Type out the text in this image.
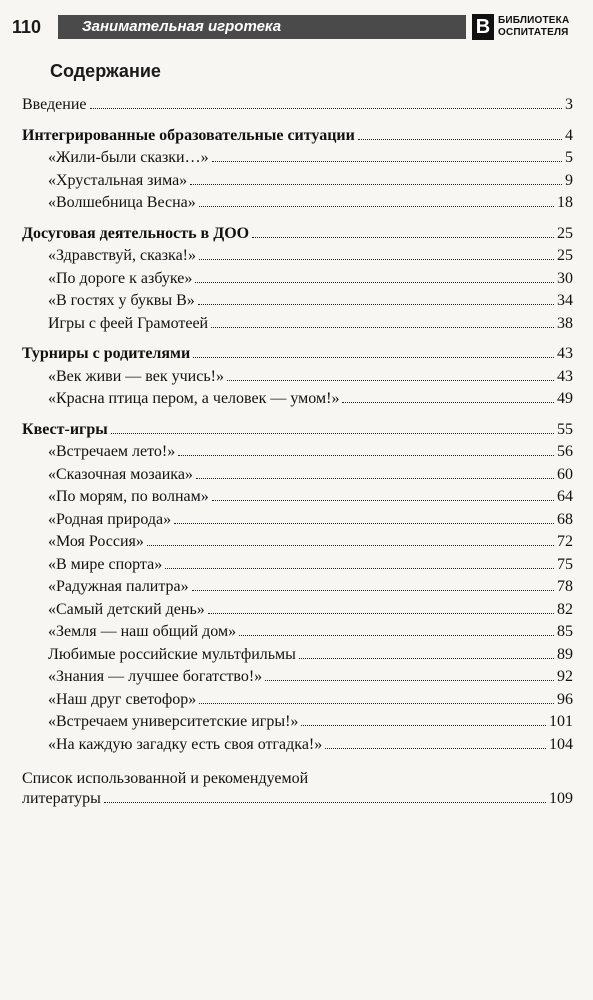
110	Занимательная игротека	В БИБЛИОТЕКА
ОСПИТАТЕЛЯ
Содержание
Введение	3
Интегрированные образовательные ситуации	4
«Жили-были сказки…»	5
«Хрустальная зима»	9
«Волшебница Весна»	18
Досуговая деятельность в ДОО	25
«Здравствуй, сказка!»	25
«По дороге к азбуке»	30
«В гостях у буквы В»	34
Игры с феей Грамотеей	38
Турниры с родителями	43
«Век живи — век учись!»	43
«Красна птица пером, а человек — умом!»	49
Квест-игры	55
«Встречаем лето!»	56
«Сказочная мозаика»	60
«По морям, по волнам»	64
«Родная природа»	68
«Моя Россия»	72
«В мире спорта»	75
«Радужная палитра»	78
«Самый детский день»	82
«Земля — наш общий дом»	85
Любимые российские мультфильмы	89
«Знания — лучшее богатство!»	92
«Наш друг светофор»	96
«Встречаем университетские игры!»	101
«На каждую загадку есть своя отгадка!»	104
Список использованной и рекомендуемой
литературы	109
